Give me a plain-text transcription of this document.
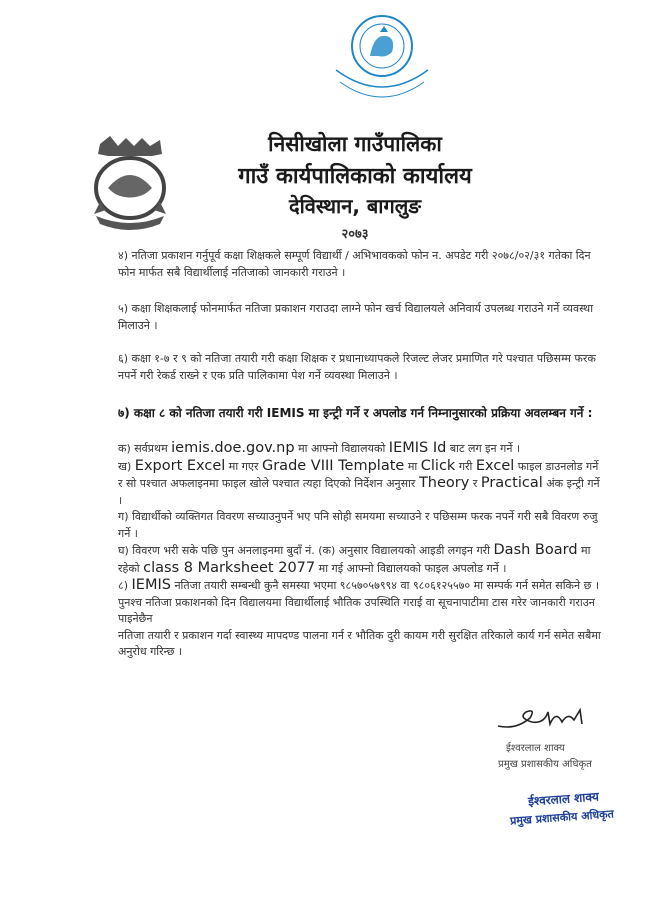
निसीखोला गाउँपालिका
गाउँ कार्यपालिकाको कार्यालय
देविस्थान, बागलुङ
२०७३
४) नतिजा प्रकाशन गर्नुपूर्व कक्षा शिक्षकले सम्पूर्ण विद्यार्थी / अभिभावकको फोन न. अपडेट गरी २०७८/०२/३१ गतेका दिन फोन मार्फत सबै विद्यार्थीलाई नतिजाको जानकारी गराउने ।
५) कक्षा शिक्षकलाई फोनमार्फत नतिजा प्रकाशन गराउदा लाग्ने फोन खर्च विद्यालयले अनिवार्य उपलब्ध गराउने गर्ने व्यवस्था मिलाउने ।
६) कक्षा १-७ र ९ को नतिजा तयारी गरी कक्षा शिक्षक र प्रधानाध्यापकले रिजल्ट लेजर प्रमाणित गरे पश्चात पछिसम्म फरक नपर्ने गरी रेकर्ड राख्ने र एक प्रति पालिकामा पेश गर्ने व्यवस्था मिलाउने ।
७) कक्षा ८ को नतिजा तयारी गरी IEMIS मा इन्ट्री गर्ने र अपलोड गर्न निम्नानुसारको प्रक्रिया अवलम्बन गर्ने :
क) सर्वप्रथम iemis.doe.gov.np मा आफ्नो विद्यालयको IEMIS Id बाट लग इन गर्ने ।
ख) Export Excel मा गएर Grade VIII Template मा Click गरी Excel फाइल डाउनलोड गर्ने र सो पश्चात अफलाइनमा फाइल खोले पश्चात त्यहा दिएको निर्देशन अनुसार Theory र Practical अंक इन्ट्री गर्ने ।
ग) विद्यार्थीको व्यक्तिगत विवरण सच्याउनुपर्ने भए पनि सोही समयमा सच्याउने र पछिसम्म फरक नपर्ने गरी सबै विवरण रुजु गर्ने ।
घ) विवरण भरी सके पछि पुन अनलाइनमा बुदाँ नं. (क) अनुसार विद्यालयको आइडी लगइन गरी Dash Board मा रहेको class 8 Marksheet 2077 मा गई आफ्नो विद्यालयको फाइल अपलोड गर्ने ।
८) IEMIS नतिजा तयारी सम्बन्धी कुनै समस्या भएमा ९८५७०५७९९४ वा ९८०६१२५५७० मा सम्पर्क गर्न समेत सकिने छ ।
पुनश्च नतिजा प्रकाशनको दिन विद्यालयमा विद्यार्थीलाई भौतिक उपस्थिति गराई वा सूचनापाटीमा टास गरेर जानकारी गराउन पाइनेछैन
नतिजा तयारी र प्रकाशन गर्दा स्वास्थ्य मापदण्ड पालना गर्न र भौतिक दुरी कायम गरी सुरक्षित तरिकाले कार्य गर्न समेत सबैमा अनुरोध गरिन्छ ।
ईश्वरलाल शाक्य
प्रमुख प्रशासकीय अधिकृत
ईश्वरलाल शाक्य
प्रमुख प्रशासकीय अधिकृत
